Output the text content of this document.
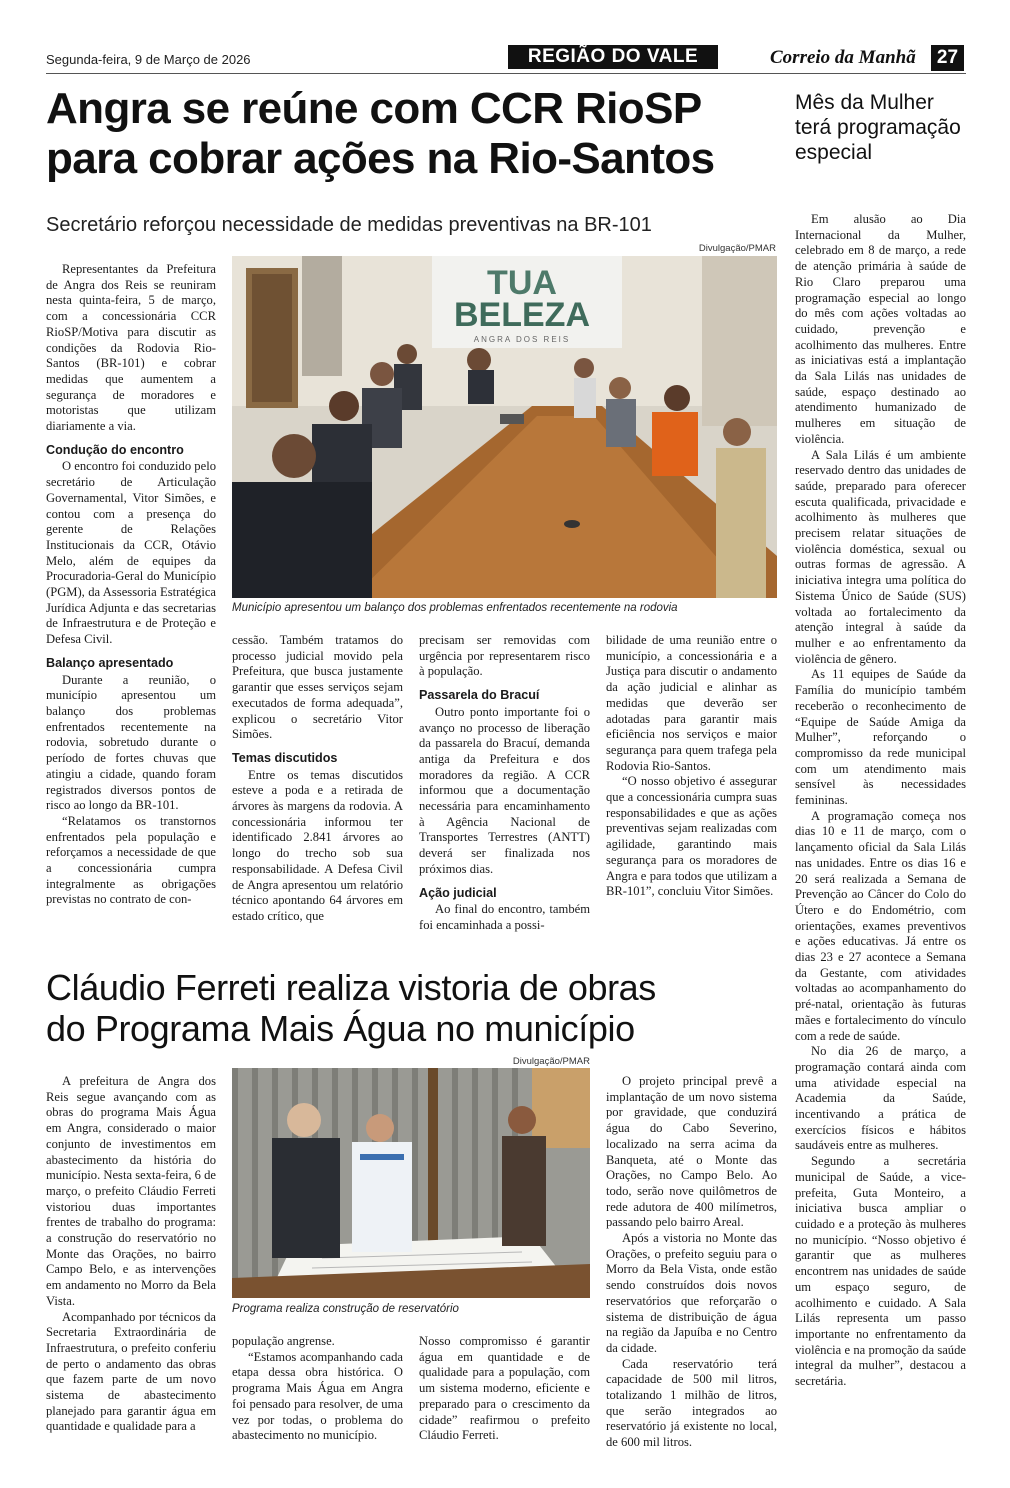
Segunda-feira, 9 de Março de 2026	REGIÃO DO VALE	Correio da Manhã	27
Angra se reúne com CCR RioSP
para cobrar ações na Rio-Santos
Secretário reforçou necessidade de medidas preventivas na BR-101
Divulgação/PMAR
TUA
BELEZA
ANGRA DOS REIS
Município apresentou um balanço dos problemas enfrentados recentemente na rodovia

Representantes da Prefeitura de Angra dos Reis se reuniram nesta quinta-feira, 5 de março, com a concessionária CCR RioSP/Motiva para discutir as condições da Rodovia Rio-Santos (BR-101) e cobrar medidas que aumentem a segurança de moradores e motoristas que utilizam diariamente a via.

Condução do encontro

O encontro foi conduzido pelo secretário de Articulação Governamental, Vitor Simões, e contou com a presença do gerente de Relações Institucionais da CCR, Otávio Melo, além de equipes da Procuradoria-Geral do Município (PGM), da Assessoria Estratégica Jurídica Adjunta e das secretarias de Infraestrutura e de Proteção e Defesa Civil.

Balanço apresentado

Durante a reunião, o município apresentou um balanço dos problemas enfrentados recentemente na rodovia, sobretudo durante o período de fortes chuvas que atingiu a cidade, quando foram registrados diversos pontos de risco ao longo da BR-101.

“Relatamos os transtornos enfrentados pela população e reforçamos a necessidade de que a concessionária cumpra integralmente as obrigações previstas no contrato de con-

cessão. Também tratamos do processo judicial movido pela Prefeitura, que busca justamente garantir que esses serviços sejam executados de forma adequada”, explicou o secretário Vitor Simões.

Temas discutidos

Entre os temas discutidos esteve a poda e a retirada de árvores às margens da rodovia. A concessionária informou ter identificado 2.841 árvores ao longo do trecho sob sua responsabilidade. A Defesa Civil de Angra apresentou um relatório técnico apontando 64 árvores em estado crítico, que

precisam ser removidas com urgência por representarem risco à população.

Passarela do Bracuí

Outro ponto importante foi o avanço no processo de liberação da passarela do Bracuí, demanda antiga da Prefeitura e dos moradores da região. A CCR informou que a documentação necessária para encaminhamento à Agência Nacional de Transportes Terrestres (ANTT) deverá ser finalizada nos próximos dias.

Ação judicial

Ao final do encontro, também foi encaminhada a possi-

bilidade de uma reunião entre o município, a concessionária e a Justiça para discutir o andamento da ação judicial e alinhar as medidas que deverão ser adotadas para garantir mais eficiência nos serviços e maior segurança para quem trafega pela Rodovia Rio-Santos.

“O nosso objetivo é assegurar que a concessionária cumpra suas responsabilidades e que as ações preventivas sejam realizadas com agilidade, garantindo mais segurança para os moradores de Angra e para todos que utilizam a BR-101”, concluiu Vitor Simões.

Cláudio Ferreti realiza vistoria de obras
do Programa Mais Água no município
Divulgação/PMAR
Programa realiza construção de reservatório

A prefeitura de Angra dos Reis segue avançando com as obras do programa Mais Água em Angra, considerado o maior conjunto de investimentos em abastecimento da história do município. Nesta sexta-feira, 6 de março, o prefeito Cláudio Ferreti vistoriou duas importantes frentes de trabalho do programa: a construção do reservatório no Monte das Orações, no bairro Campo Belo, e as intervenções em andamento no Morro da Bela Vista.

Acompanhado por técnicos da Secretaria Extraordinária de Infraestrutura, o prefeito conferiu de perto o andamento das obras que fazem parte de um novo sistema de abastecimento planejado para garantir água em quantidade e qualidade para a

população angrense.

“Estamos acompanhando cada etapa dessa obra histórica. O programa Mais Água em Angra foi pensado para resolver, de uma vez por todas, o problema do abastecimento no município.

Nosso compromisso é garantir água em quantidade e de qualidade para a população, com um sistema moderno, eficiente e preparado para o crescimento da cidade” reafirmou o prefeito Cláudio Ferreti.

O projeto principal prevê a implantação de um novo sistema por gravidade, que conduzirá água do Cabo Severino, localizado na serra acima da Banqueta, até o Monte das Orações, no Campo Belo. Ao todo, serão nove quilômetros de rede adutora de 400 milímetros, passando pelo bairro Areal.

Após a vistoria no Monte das Orações, o prefeito seguiu para o Morro da Bela Vista, onde estão sendo construídos dois novos reservatórios que reforçarão o sistema de distribuição de água na região da Japuíba e no Centro da cidade.

Cada reservatório terá capacidade de 500 mil litros, totalizando 1 milhão de litros, que serão integrados ao reservatório já existente no local, de 600 mil litros.

Mês da Mulher terá programação especial

Em alusão ao Dia Internacional da Mulher, celebrado em 8 de março, a rede de atenção primária à saúde de Rio Claro preparou uma programação especial ao longo do mês com ações voltadas ao cuidado, prevenção e acolhimento das mulheres. Entre as iniciativas está a implantação da Sala Lilás nas unidades de saúde, espaço destinado ao atendimento humanizado de mulheres em situação de violência.

A Sala Lilás é um ambiente reservado dentro das unidades de saúde, preparado para oferecer escuta qualificada, privacidade e acolhimento às mulheres que precisem relatar situações de violência doméstica, sexual ou outras formas de agressão. A iniciativa integra uma política do Sistema Único de Saúde (SUS) voltada ao fortalecimento da atenção integral à saúde da mulher e ao enfrentamento da violência de gênero.

As 11 equipes de Saúde da Família do município também receberão o reconhecimento de “Equipe de Saúde Amiga da Mulher”, reforçando o compromisso da rede municipal com um atendimento mais sensível às necessidades femininas.

A programação começa nos dias 10 e 11 de março, com o lançamento oficial da Sala Lilás nas unidades. Entre os dias 16 e 20 será realizada a Semana de Prevenção ao Câncer do Colo do Útero e do Endométrio, com orientações, exames preventivos e ações educativas. Já entre os dias 23 e 27 acontece a Semana da Gestante, com atividades voltadas ao acompanhamento do pré-natal, orientação às futuras mães e fortalecimento do vínculo com a rede de saúde.

No dia 26 de março, a programação contará ainda com uma atividade especial na Academia da Saúde, incentivando a prática de exercícios físicos e hábitos saudáveis entre as mulheres.

Segundo a secretária municipal de Saúde, a vice-prefeita, Guta Monteiro, a iniciativa busca ampliar o cuidado e a proteção às mulheres no município. “Nosso objetivo é garantir que as mulheres encontrem nas unidades de saúde um espaço seguro, de acolhimento e cuidado. A Sala Lilás representa um passo importante no enfrentamento da violência e na promoção da saúde integral da mulher”, destacou a secretária.
